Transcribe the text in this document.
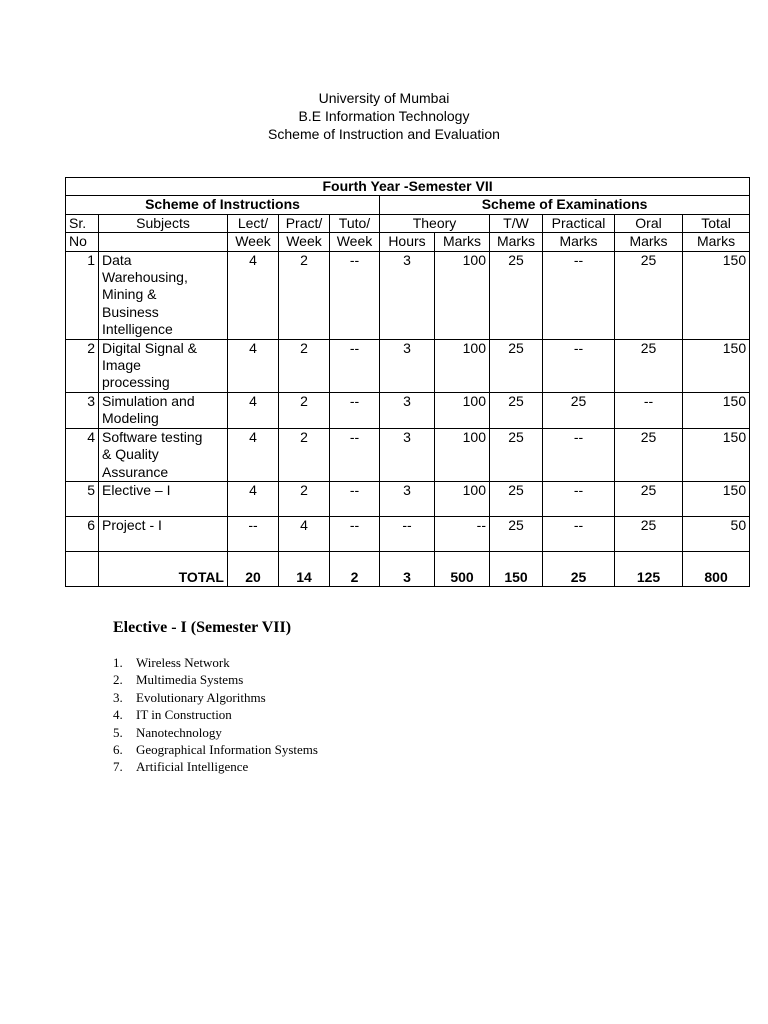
University of Mumbai
B.E Information Technology
Scheme of Instruction and Evaluation
Fourth Year -Semester VII										
Scheme of Instructions					Scheme of Examinations					
Sr.	Subjects	Lect/	Pract/	Tuto/	Theory		T/W	Practical	Oral	Total
No		Week	Week	Week	Hours	Marks	Marks	Marks	Marks	Marks
1	Data
Warehousing,
Mining &
Business
Intelligence	4	2	--	3	100	25	--	25	150
2	Digital Signal &
Image
processing	4	2	--	3	100	25	--	25	150
3	Simulation and
Modeling	4	2	--	3	100	25	25	--	150
4	Software testing
& Quality
Assurance	4	2	--	3	100	25	--	25	150
5	Elective – I	4	2	--	3	100	25	--	25	150
6	Project - I	--	4	--	--	--	25	--	25	50
	TOTAL	20	14	2	3	500	150	25	125	800
Elective - I (Semester VII)
1.	Wireless Network
2.	Multimedia Systems
3.	Evolutionary Algorithms
4.	IT in Construction
5.	Nanotechnology
6.	Geographical Information Systems
7.	Artificial Intelligence
